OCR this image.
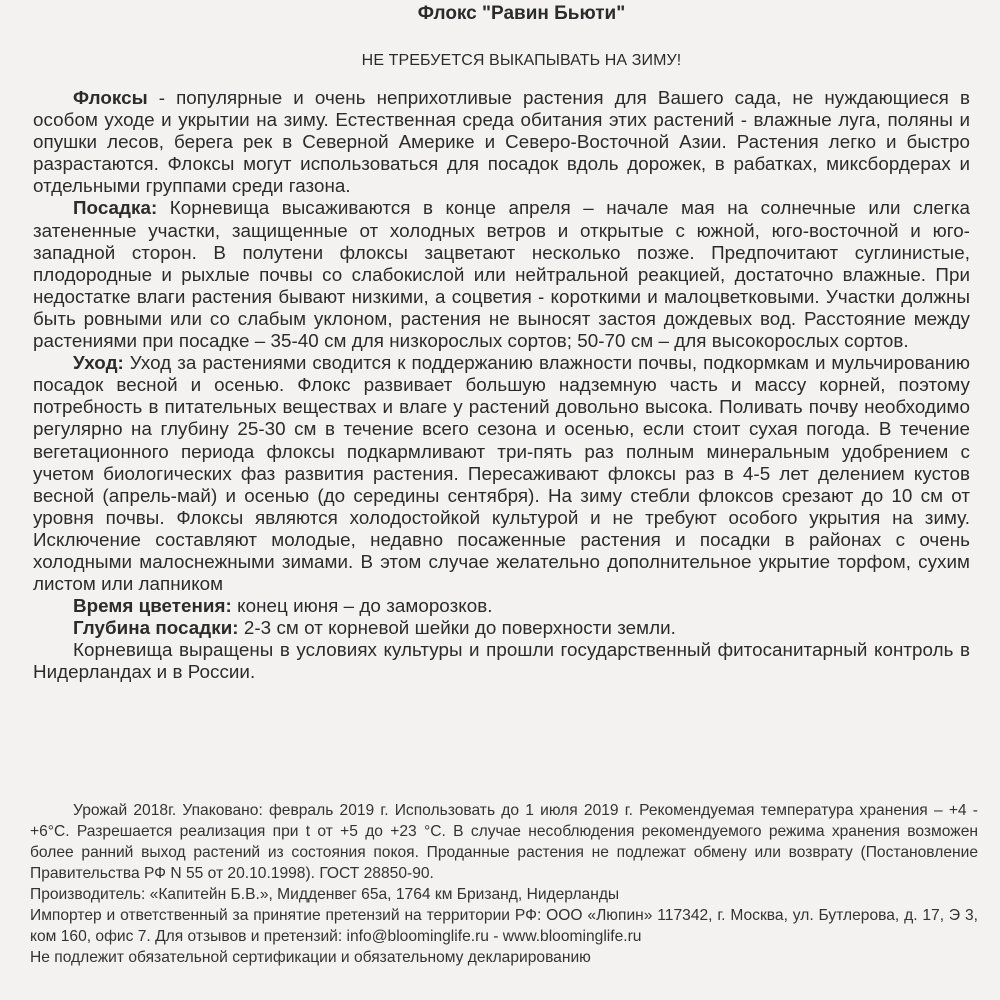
Флокс "Равин Бьюти"
НЕ ТРЕБУЕТСЯ ВЫКАПЫВАТЬ НА ЗИМУ!

Флоксы - популярные и очень неприхотливые растения для Вашего сада, не нуждающиеся в особом уходе и укрытии на зиму. Естественная среда обитания этих растений - влажные луга, поляны и опушки лесов, берега рек в Северной Америке и Северо-Восточной Азии. Растения легко и быстро разрастаются. Флоксы могут использоваться для посадок вдоль дорожек, в рабатках, миксбордерах и отдельными группами среди газона.

Посадка: Корневища высаживаются в конце апреля – начале мая на солнечные или слегка затененные участки, защищенные от холодных ветров и открытые с южной, юго-восточной и юго-западной сторон. В полутени флоксы зацветают несколько позже. Предпочитают суглинистые, плодородные и рыхлые почвы со слабокислой или нейтральной реакцией, достаточно влажные. При недостатке влаги растения бывают низкими, а соцветия - короткими и малоцветковыми. Участки должны быть ровными или со слабым уклоном, растения не выносят застоя дождевых вод. Расстояние между растениями при посадке – 35-40 см для низкорослых сортов; 50-70 см – для высокорослых сортов.

Уход: Уход за растениями сводится к поддержанию влажности почвы, подкормкам и мульчированию посадок весной и осенью. Флокс развивает большую надземную часть и массу корней, поэтому потребность в питательных веществах и влаге у растений довольно высока. Поливать почву необходимо регулярно на глубину 25-30 см в течение всего сезона и осенью, если стоит сухая погода. В течение вегетационного периода флоксы подкармливают три-пять раз полным минеральным удобрением с учетом биологических фаз развития растения. Пересаживают флоксы раз в 4-5 лет делением кустов весной (апрель-май) и осенью (до середины сентября). На зиму стебли флоксов срезают до 10 см от уровня почвы. Флоксы являются холодостойкой культурой и не требуют особого укрытия на зиму. Исключение составляют молодые, недавно посаженные растения и посадки в районах с очень холодными малоснежными зимами. В этом случае желательно дополнительное укрытие торфом, сухим листом или лапником

Время цветения: конец июня – до заморозков.

Глубина посадки: 2-3 см от корневой шейки до поверхности земли.

Корневища выращены в условиях культуры и прошли государственный фитосанитарный контроль в Нидерландах и в России.

Урожай 2018г. Упаковано: февраль 2019 г. Использовать до 1 июля 2019 г. Рекомендуемая температура хранения – +4 - +6°C. Разрешается реализация при t от +5 до +23 °C. В случае несоблюдения рекомендуемого режима хранения возможен более ранний выход растений из состояния покоя. Проданные растения не подлежат обмену или возврату (Постановление Правительства РФ N 55 от 20.10.1998). ГОСТ 28850-90.

Производитель: «Капитейн Б.В.», Мидденвег 65а, 1764 км Бризанд, Нидерланды

Импортер и ответственный за принятие претензий на территории РФ: ООО «Люпин» 117342, г. Москва, ул. Бутлерова, д. 17, Э 3, ком 160, офис 7. Для отзывов и претензий: info@bloominglife.ru - www.bloominglife.ru

Не подлежит обязательной сертификации и обязательному декларированию
